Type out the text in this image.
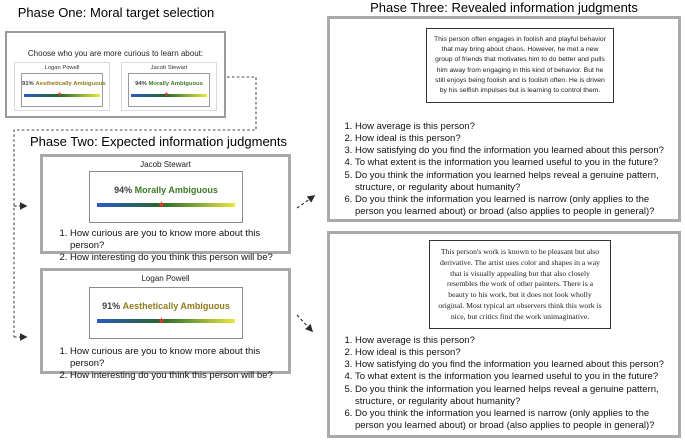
Phase One: Moral target selection
Choose who you are more curious to learn about:
Logan Powell
91% Aesthetically Ambiguous
★
Jacob Stewart
94% Morally Ambiguous
★
Phase Two: Expected information judgments
Jacob Stewart
94% Morally Ambiguous
★
1. How curious are you to know more about this person?
2. How interesting do you think this person will be?
Logan Powell
91% Aesthetically Ambiguous
★
1. How curious are you to know more about this person?
2. How interesting do you think this person will be?
Phase Three: Revealed information judgments
This person often engages in foolish and playful behavior that may bring about chaos. However, he met a new group of friends that motivates him to do better and pulls him away from engaging in this kind of behavior. But he still enjoys being foolish and is foolish often. He is driven by his selfish impulses but is learning to control them.
1. How average is this person?
2. How ideal is this person?
3. How satisfying do you find the information you learned about this person?
4. To what extent is the information you learned useful to you in the future?
5. Do you think the information you learned helps reveal a genuine pattern, structure, or regularity about humanity?
6. Do you think the information you learned is narrow (only applies to the person you learned about) or broad (also applies to people in general)?
This person's work is known to be pleasant but also derivative. The artist uses color and shapes in a way that is visually appealing but that also closely resembles the work of other painters. There is a beauty to his work, but it does not look wholly original. Most typical art observers think this work is nice, but critics find the work unimaginative.
1. How average is this person?
2. How ideal is this person?
3. How satisfying do you find the information you learned about this person?
4. To what extent is the information you learned useful to you in the future?
5. Do you think the information you learned helps reveal a genuine pattern, structure, or regularity about humanity?
6. Do you think the information you learned is narrow (only applies to the person you learned about) or broad (also applies to people in general)?
